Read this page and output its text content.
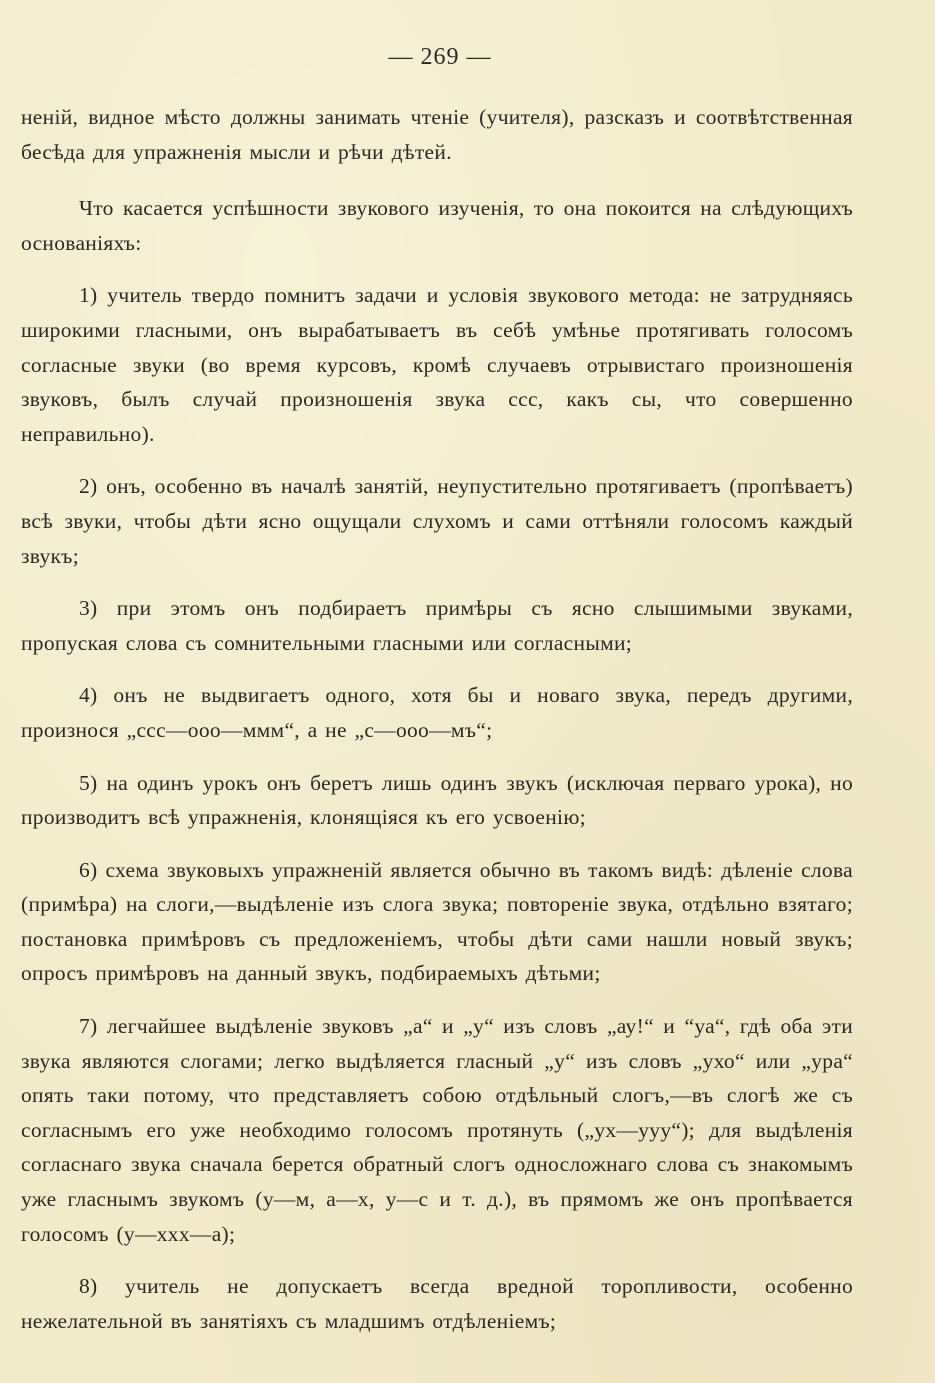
— 269 —

неній, видное мѣсто должны занимать чтеніе (учителя), разсказъ и соотвѣтственная бесѣда для упражненія мысли и рѣчи дѣтей.

Что касается успѣшности звукового изученія, то она покоится на слѣдующихъ основаніяхъ:

1) учитель твердо помнитъ задачи и условія звукового метода: не затрудняясь широкими гласными, онъ вырабатываетъ въ себѣ умѣнье протягивать голосомъ согласные звуки (во время курсовъ, кромѣ случаевъ отрывистаго произношенія звуковъ, былъ случай произношенія звука ссс, какъ сы, что совершенно неправильно).

2) онъ, особенно въ началѣ занятій, неупустительно протягиваетъ (пропѣваетъ) всѣ звуки, чтобы дѣти ясно ощущали слухомъ и сами оттѣняли голосомъ каждый звукъ;

3) при этомъ онъ подбираетъ примѣры съ ясно слышимыми звуками, пропуская слова съ сомнительными гласными или согласными;

4) онъ не выдвигаетъ одного, хотя бы и новаго звука, передъ другими, произнося „ссс—ооо—ммм“, а не „с—ооо—мъ“;

5) на одинъ урокъ онъ беретъ лишь одинъ звукъ (исключая перваго урока), но производитъ всѣ упражненія, клонящіяся къ его усвоенію;

6) схема звуковыхъ упражненій является обычно въ такомъ видѣ: дѣленіе слова (примѣра) на слоги,—выдѣленіе изъ слога звука; повтореніе звука, отдѣльно взятаго; постановка примѣровъ съ предложеніемъ, чтобы дѣти сами нашли новый звукъ; опросъ примѣровъ на данный звукъ, подбираемыхъ дѣтьми;

7) легчайшее выдѣленіе звуковъ „а“ и „у“ изъ словъ „ау!“ и “уа“, гдѣ оба эти звука являются слогами; легко выдѣляется гласный „у“ изъ словъ „ухо“ или „ура“ опять таки потому, что представляетъ собою отдѣльный слогъ,—въ слогѣ же съ согласнымъ его уже необходимо голосомъ протянуть („ух—ууу“); для выдѣленія согласнаго звука сначала берется обратный слогъ односложнаго слова съ знакомымъ уже гласнымъ звукомъ (у—м, а—х, у—с и т. д.), въ прямомъ же онъ пропѣвается голосомъ (у—ххх—а);

8) учитель не допускаетъ всегда вредной торопливости, особенно нежелательной въ занятіяхъ съ младшимъ отдѣленіемъ;
